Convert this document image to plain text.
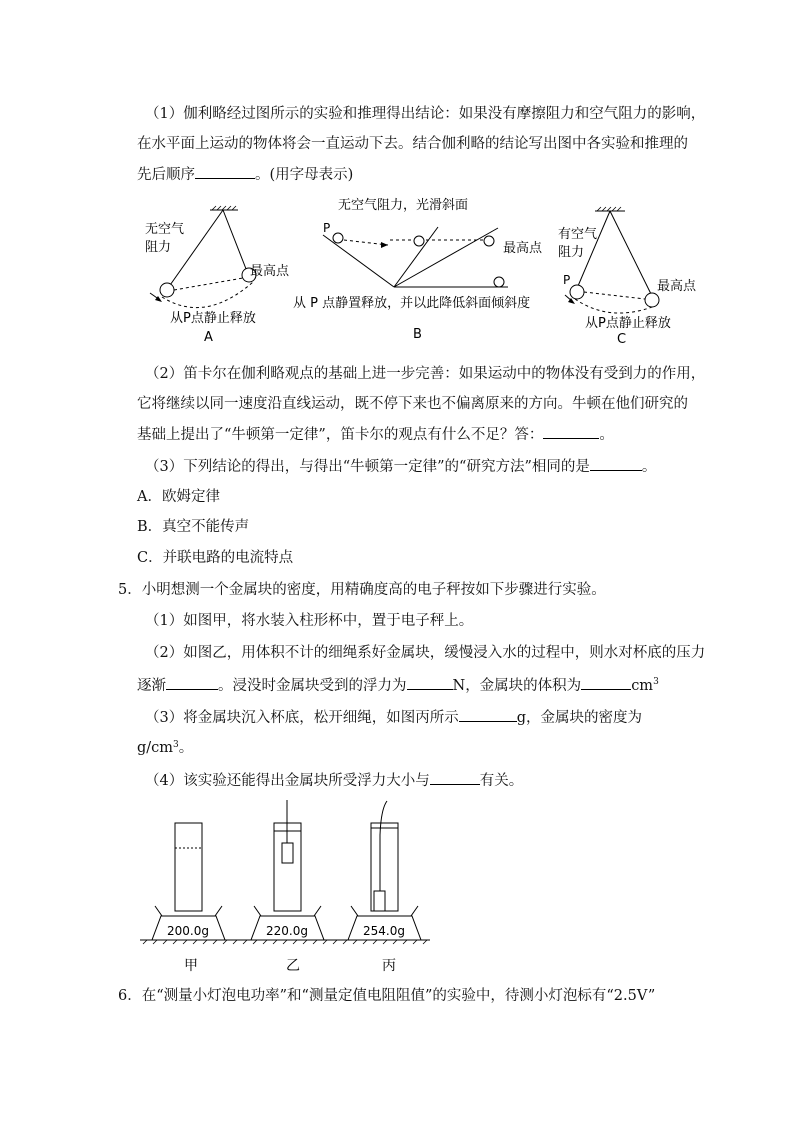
（1）伽利略经过图所示的实验和推理得出结论：如果没有摩擦阻力和空气阻力的影响，
在水平面上运动的物体将会一直运动下去。结合伽利略的结论写出图中各实验和推理的
先后顺序	。(用字母表示)
无空气
阻力
最高点
从P点静止释放
A
无空气阻力，光滑斜面
P
最高点
从 P 点静置释放，并以此降低斜面倾斜度
B
有空气
阻力
P	最高点
从P点静止释放
C
（2）笛卡尔在伽利略观点的基础上进一步完善：如果运动中的物体没有受到力的作用，
它将继续以同一速度沿直线运动，既不停下来也不偏离原来的方向。牛顿在他们研究的
基础上提出了“牛顿第一定律”，笛卡尔的观点有什么不足？答：	。
（3）下列结论的得出，与得出“牛顿第一定律”的“研究方法”相同的是	。
A．欧姆定律
B．真空不能传声
C．并联电路的电流特点
5．小明想测一个金属块的密度，用精确度高的电子秤按如下步骤进行实验。
（1）如图甲，将水装入柱形杯中，置于电子秤上。
（2）如图乙，用体积不计的细绳系好金属块，缓慢浸入水的过程中，则水对杯底的压力
逐渐	。浸没时金属块受到的浮力为	N，金属块的体积为	$cm^3$
（3）将金属块沉入杯底，松开细绳，如图丙所示	g，金属块的密度为
$g/cm^3$。
（4）该实验还能得出金属块所受浮力大小与	有关。
200.0g	220.0g	254.0g
甲	乙	丙
6．在“测量小灯泡电功率”和“测量定值电阻阻值”的实验中，待测小灯泡标有“2.5V”
